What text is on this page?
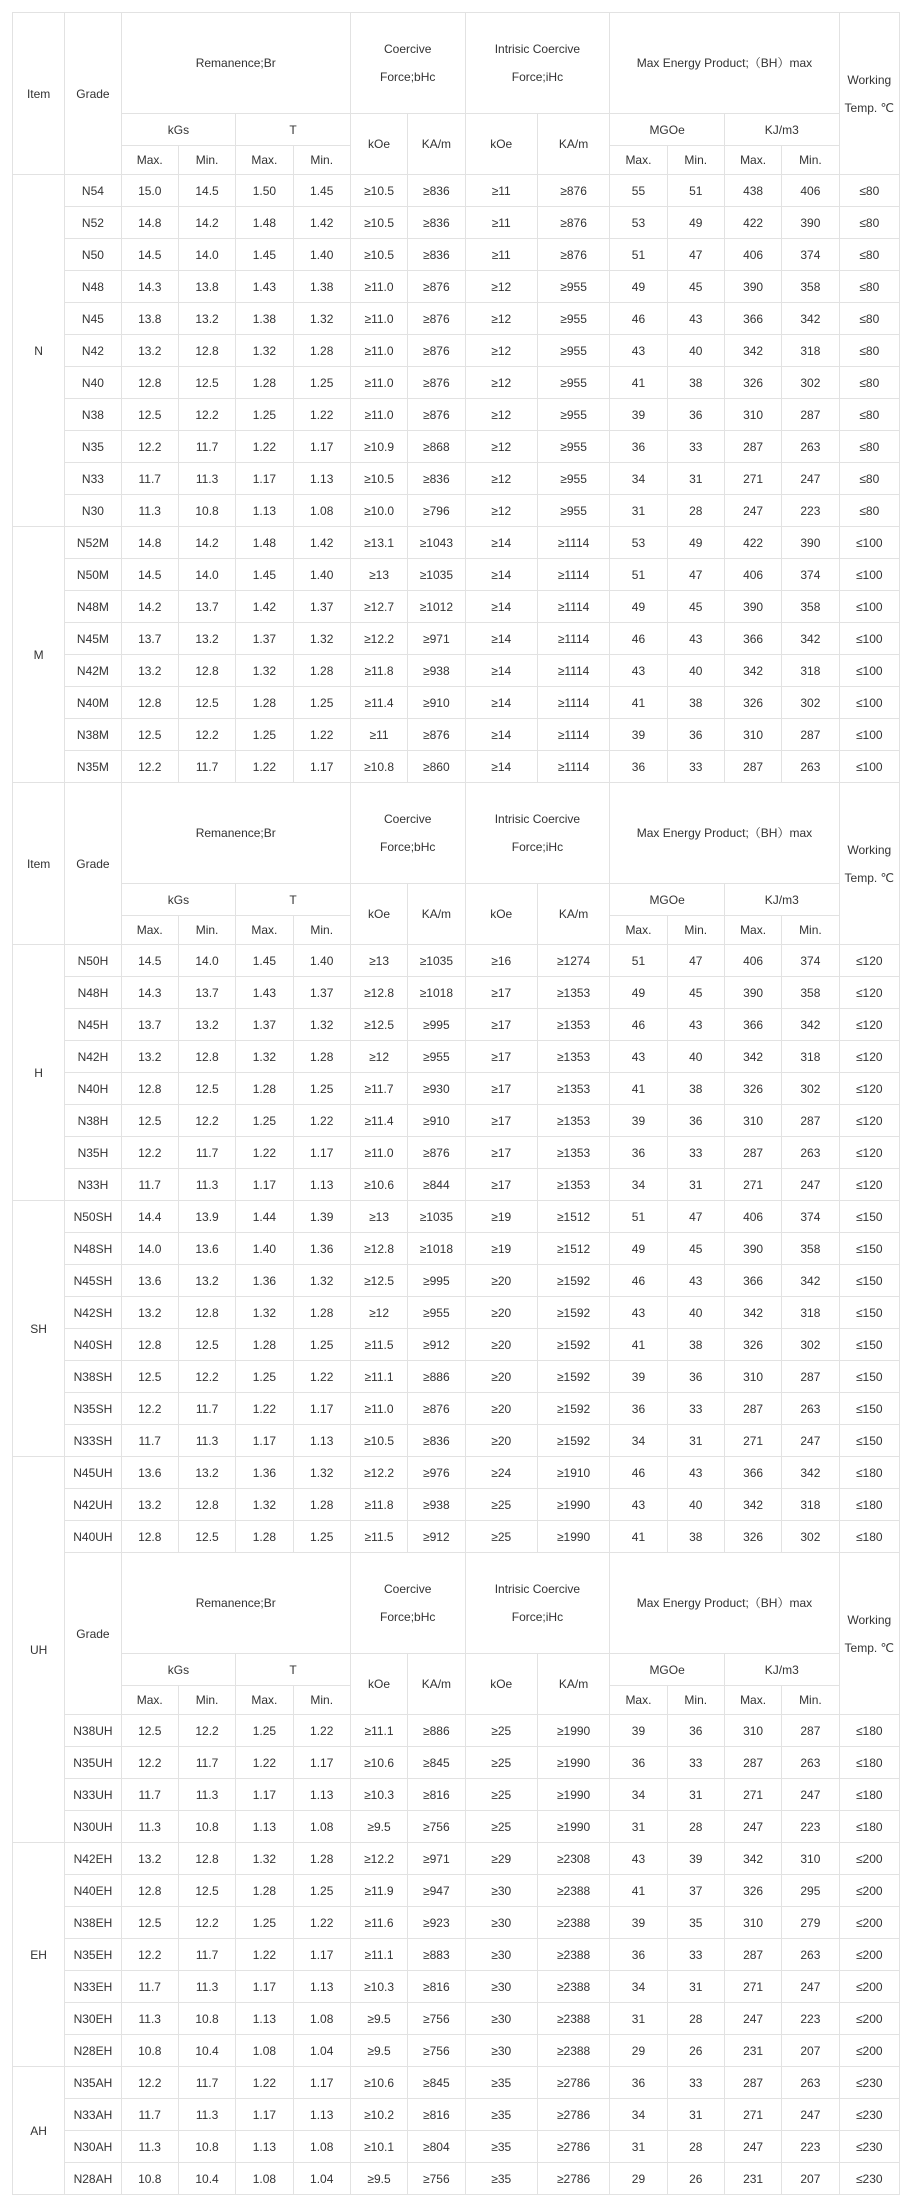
Item	Grade	Remanence;Br				Coercive Force;bHc		Intrisic Coercive Force;iHc		Max Energy Product;（BH）max				Working Temp. ℃
		kGs		T		kOe	KA/m	kOe	KA/m	MGOe		KJ/m3		
		Max.	Min.	Max.	Min.					Max.	Min.	Max.	Min.	
N	N54	15.0	14.5	1.50	1.45	≥10.5	≥836	≥11	≥876	55	51	438	406	≤80
	N52	14.8	14.2	1.48	1.42	≥10.5	≥836	≥11	≥876	53	49	422	390	≤80
	N50	14.5	14.0	1.45	1.40	≥10.5	≥836	≥11	≥876	51	47	406	374	≤80
	N48	14.3	13.8	1.43	1.38	≥11.0	≥876	≥12	≥955	49	45	390	358	≤80
	N45	13.8	13.2	1.38	1.32	≥11.0	≥876	≥12	≥955	46	43	366	342	≤80
	N42	13.2	12.8	1.32	1.28	≥11.0	≥876	≥12	≥955	43	40	342	318	≤80
	N40	12.8	12.5	1.28	1.25	≥11.0	≥876	≥12	≥955	41	38	326	302	≤80
	N38	12.5	12.2	1.25	1.22	≥11.0	≥876	≥12	≥955	39	36	310	287	≤80
	N35	12.2	11.7	1.22	1.17	≥10.9	≥868	≥12	≥955	36	33	287	263	≤80
	N33	11.7	11.3	1.17	1.13	≥10.5	≥836	≥12	≥955	34	31	271	247	≤80
	N30	11.3	10.8	1.13	1.08	≥10.0	≥796	≥12	≥955	31	28	247	223	≤80
M	N52M	14.8	14.2	1.48	1.42	≥13.1	≥1043	≥14	≥1114	53	49	422	390	≤100
	N50M	14.5	14.0	1.45	1.40	≥13	≥1035	≥14	≥1114	51	47	406	374	≤100
	N48M	14.2	13.7	1.42	1.37	≥12.7	≥1012	≥14	≥1114	49	45	390	358	≤100
	N45M	13.7	13.2	1.37	1.32	≥12.2	≥971	≥14	≥1114	46	43	366	342	≤100
	N42M	13.2	12.8	1.32	1.28	≥11.8	≥938	≥14	≥1114	43	40	342	318	≤100
	N40M	12.8	12.5	1.28	1.25	≥11.4	≥910	≥14	≥1114	41	38	326	302	≤100
	N38M	12.5	12.2	1.25	1.22	≥11	≥876	≥14	≥1114	39	36	310	287	≤100
	N35M	12.2	11.7	1.22	1.17	≥10.8	≥860	≥14	≥1114	36	33	287	263	≤100
Item	Grade	Remanence;Br				Coercive Force;bHc		Intrisic Coercive Force;iHc		Max Energy Product;（BH）max				Working Temp. ℃
		kGs		T		kOe	KA/m	kOe	KA/m	MGOe		KJ/m3		
		Max.	Min.	Max.	Min.					Max.	Min.	Max.	Min.	
H	N50H	14.5	14.0	1.45	1.40	≥13	≥1035	≥16	≥1274	51	47	406	374	≤120
	N48H	14.3	13.7	1.43	1.37	≥12.8	≥1018	≥17	≥1353	49	45	390	358	≤120
	N45H	13.7	13.2	1.37	1.32	≥12.5	≥995	≥17	≥1353	46	43	366	342	≤120
	N42H	13.2	12.8	1.32	1.28	≥12	≥955	≥17	≥1353	43	40	342	318	≤120
	N40H	12.8	12.5	1.28	1.25	≥11.7	≥930	≥17	≥1353	41	38	326	302	≤120
	N38H	12.5	12.2	1.25	1.22	≥11.4	≥910	≥17	≥1353	39	36	310	287	≤120
	N35H	12.2	11.7	1.22	1.17	≥11.0	≥876	≥17	≥1353	36	33	287	263	≤120
	N33H	11.7	11.3	1.17	1.13	≥10.6	≥844	≥17	≥1353	34	31	271	247	≤120
SH	N50SH	14.4	13.9	1.44	1.39	≥13	≥1035	≥19	≥1512	51	47	406	374	≤150
	N48SH	14.0	13.6	1.40	1.36	≥12.8	≥1018	≥19	≥1512	49	45	390	358	≤150
	N45SH	13.6	13.2	1.36	1.32	≥12.5	≥995	≥20	≥1592	46	43	366	342	≤150
	N42SH	13.2	12.8	1.32	1.28	≥12	≥955	≥20	≥1592	43	40	342	318	≤150
	N40SH	12.8	12.5	1.28	1.25	≥11.5	≥912	≥20	≥1592	41	38	326	302	≤150
	N38SH	12.5	12.2	1.25	1.22	≥11.1	≥886	≥20	≥1592	39	36	310	287	≤150
	N35SH	12.2	11.7	1.22	1.17	≥11.0	≥876	≥20	≥1592	36	33	287	263	≤150
	N33SH	11.7	11.3	1.17	1.13	≥10.5	≥836	≥20	≥1592	34	31	271	247	≤150
UH	N45UH	13.6	13.2	1.36	1.32	≥12.2	≥976	≥24	≥1910	46	43	366	342	≤180
	N42UH	13.2	12.8	1.32	1.28	≥11.8	≥938	≥25	≥1990	43	40	342	318	≤180
	N40UH	12.8	12.5	1.28	1.25	≥11.5	≥912	≥25	≥1990	41	38	326	302	≤180
	Grade	Remanence;Br				Coercive Force;bHc		Intrisic Coercive Force;iHc		Max Energy Product;（BH）max				Working Temp. ℃
		kGs		T		kOe	KA/m	kOe	KA/m	MGOe		KJ/m3		
		Max.	Min.	Max.	Min.					Max.	Min.	Max.	Min.	
	N38UH	12.5	12.2	1.25	1.22	≥11.1	≥886	≥25	≥1990	39	36	310	287	≤180
	N35UH	12.2	11.7	1.22	1.17	≥10.6	≥845	≥25	≥1990	36	33	287	263	≤180
	N33UH	11.7	11.3	1.17	1.13	≥10.3	≥816	≥25	≥1990	34	31	271	247	≤180
	N30UH	11.3	10.8	1.13	1.08	≥9.5	≥756	≥25	≥1990	31	28	247	223	≤180
EH	N42EH	13.2	12.8	1.32	1.28	≥12.2	≥971	≥29	≥2308	43	39	342	310	≤200
	N40EH	12.8	12.5	1.28	1.25	≥11.9	≥947	≥30	≥2388	41	37	326	295	≤200
	N38EH	12.5	12.2	1.25	1.22	≥11.6	≥923	≥30	≥2388	39	35	310	279	≤200
	N35EH	12.2	11.7	1.22	1.17	≥11.1	≥883	≥30	≥2388	36	33	287	263	≤200
	N33EH	11.7	11.3	1.17	1.13	≥10.3	≥816	≥30	≥2388	34	31	271	247	≤200
	N30EH	11.3	10.8	1.13	1.08	≥9.5	≥756	≥30	≥2388	31	28	247	223	≤200
	N28EH	10.8	10.4	1.08	1.04	≥9.5	≥756	≥30	≥2388	29	26	231	207	≤200
AH	N35AH	12.2	11.7	1.22	1.17	≥10.6	≥845	≥35	≥2786	36	33	287	263	≤230
	N33AH	11.7	11.3	1.17	1.13	≥10.2	≥816	≥35	≥2786	34	31	271	247	≤230
	N30AH	11.3	10.8	1.13	1.08	≥10.1	≥804	≥35	≥2786	31	28	247	223	≤230
	N28AH	10.8	10.4	1.08	1.04	≥9.5	≥756	≥35	≥2786	29	26	231	207	≤230
